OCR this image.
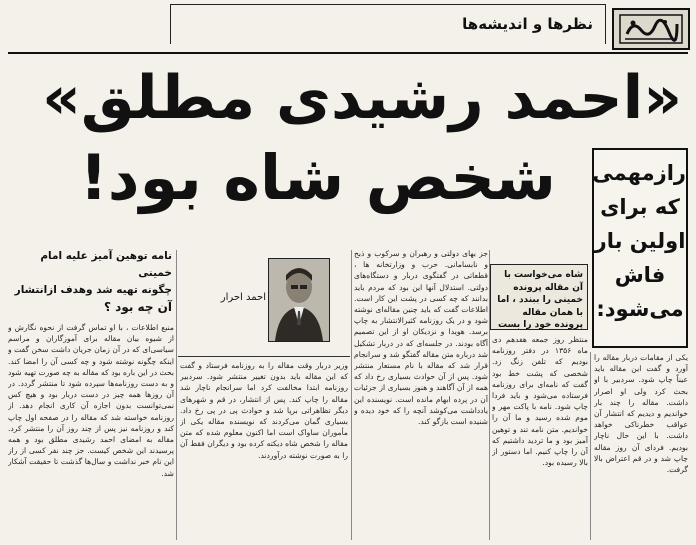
نظرها و اندیشه‌ها
«احمد رشیدی مطلق»
شخص شاه بود! رازمهمی
که برای
اولین بار
فاش
می‌شود:
نامه توهین آمیز علیه امام خمینی
چگونه تهیه شد وهدف ازانتشار
آن چه بود ؟
احمد احرار
شاه می‌خواست با آن مقاله پرونده خمینی را ببندد ، اما با همان مقاله پرونده خود را بست
منبع اطلاعات ، با او تماس گرفت از نحوه نگارش و از شیوه بیان مقاله برای آموزگاران و مراسم سیاسی‌ای که در آن زمان جریان داشت سخن گفت و اینکه چگونه نوشته شود و چه کسی آن را امضا کند. بحث در این باره بود که مقاله به چه صورت تهیه شود و به دست روزنامه‌ها سپرده شود تا منتشر گردد. در آن روزها همه چیز در دست دربار بود و هیچ کس نمی‌توانست بدون اجازه آن کاری انجام دهد. از روزنامه خواسته شد که مقاله را در صفحه اول چاپ کند و روزنامه نیز پس از چند روز آن را منتشر کرد. مقاله به امضای احمد رشیدی مطلق بود و همه پرسیدند این شخص کیست. جز چند نفر کسی از راز این نام خبر نداشت و سال‌ها گذشت تا حقیقت آشکار شد.
وزیر دربار وقت مقاله را به روزنامه فرستاد و گفت که این مقاله باید بدون تغییر منتشر شود. سردبیر روزنامه ابتدا مخالفت کرد اما سرانجام ناچار شد مقاله را چاپ کند. پس از انتشار، در قم و شهرهای دیگر تظاهراتی برپا شد و حوادث پی در پی رخ داد. بسیاری گمان می‌کردند که نویسنده مقاله یکی از مأموران ساواک است اما اکنون معلوم شده که متن مقاله را شخص شاه دیکته کرده بود و دیگران فقط آن را به صورت نوشته درآوردند.
جز بهای دولتی و رهبران و سرکوب و ذبح و نابسامانی. حرب و وزارتخانه ها ، قطعاتی در گفتگوی دربار و دستگاه‌های دولتی. استدلال آنها این بود که مردم باید بدانند که چه کسی در پشت این کار است. اطلاعات گفت که باید چنین مقاله‌ای نوشته شود و در یک روزنامه کثیرالانتشار به چاپ برسد. هویدا و نزدیکان او از این تصمیم آگاه بودند. در جلسه‌ای که در دربار تشکیل شد درباره متن مقاله گفتگو شد و سرانجام قرار شد که مقاله با نام مستعار منتشر شود. پس از آن حوادث بسیاری رخ داد که همه از آن آگاهند و هنوز بسیاری از جزئیات آن در پرده ابهام مانده است. نویسنده این یادداشت می‌کوشد آنچه را که خود دیده و شنیده است بازگو کند.
منتظر روز جمعه هفدهم دی ماه ۱۳۵۶ در دفتر روزنامه بودیم که تلفن زنگ زد. شخصی که پشت خط بود گفت که نامه‌ای برای روزنامه فرستاده می‌شود و باید فردا چاپ شود. نامه با پاکت مهر و موم شده رسید و ما آن را خواندیم. متن نامه تند و توهین آمیز بود و ما تردید داشتیم که آن را چاپ کنیم. اما دستور از بالا رسیده بود.
یکی از مقامات دربار مقاله را آورد و گفت این مقاله باید عیناً چاپ شود. سردبیر با او بحث کرد ولی او اصرار داشت. مقاله را چند بار خواندیم و دیدیم که انتشار آن عواقب خطرناکی خواهد داشت. با این حال ناچار بودیم. فردای آن روز مقاله چاپ شد و در قم اعتراض بالا گرفت.
